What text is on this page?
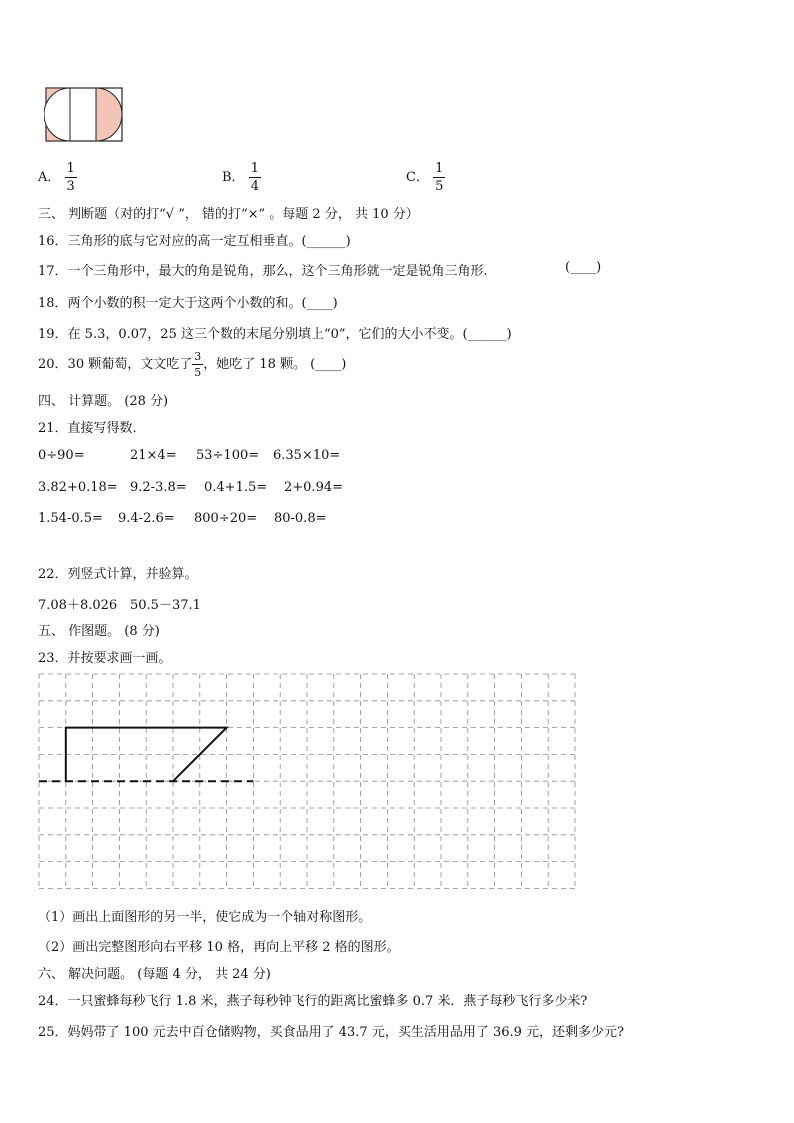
A． $\frac{1}{3}$	B． $\frac{1}{4}$	C． $\frac{1}{5}$
三、 判断题（对的打“√ ”， 错的打“×” 。每题 2 分， 共 10 分）
16．三角形的底与它对应的高一定互相垂直。(______)
17．一个三角形中，最大的角是锐角，那么，这个三角形就一定是锐角三角形.	(____)
18．两个小数的积一定大于这两个小数的和。(____)
19．在 5.3，0.07，25 这三个数的末尾分别填上“0”，它们的大小不变。(______)
20．30 颗葡萄，文文吃了 $\frac{3}{5}$ ，她吃了 18 颗。 (____)
四、 计算题。 (28 分)
21．直接写得数.
0÷90=	21×4= 53÷100= 6.35×10=
3.82+0.18= 9.2-3.8= 0.4+1.5= 2+0.94=
1.54-0.5= 9.4-2.6= 800÷20= 80-0.8=
22．列竖式计算，并验算。
7.08＋8.026 50.5－37.1
五、 作图题。 (8 分)
23．并按要求画一画。
（1）画出上面图形的另一半，使它成为一个轴对称图形。
（2）画出完整图形向右平移 10 格，再向上平移 2 格的图形。
六、 解决问题。 (每题 4 分， 共 24 分)
24．一只蜜蜂每秒飞行 1.8 米，燕子每秒钟飞行的距离比蜜蜂多 0.7 米．燕子每秒飞行多少米?
25．妈妈带了 100 元去中百仓储购物，买食品用了 43.7 元，买生活用品用了 36.9 元，还剩多少元?
